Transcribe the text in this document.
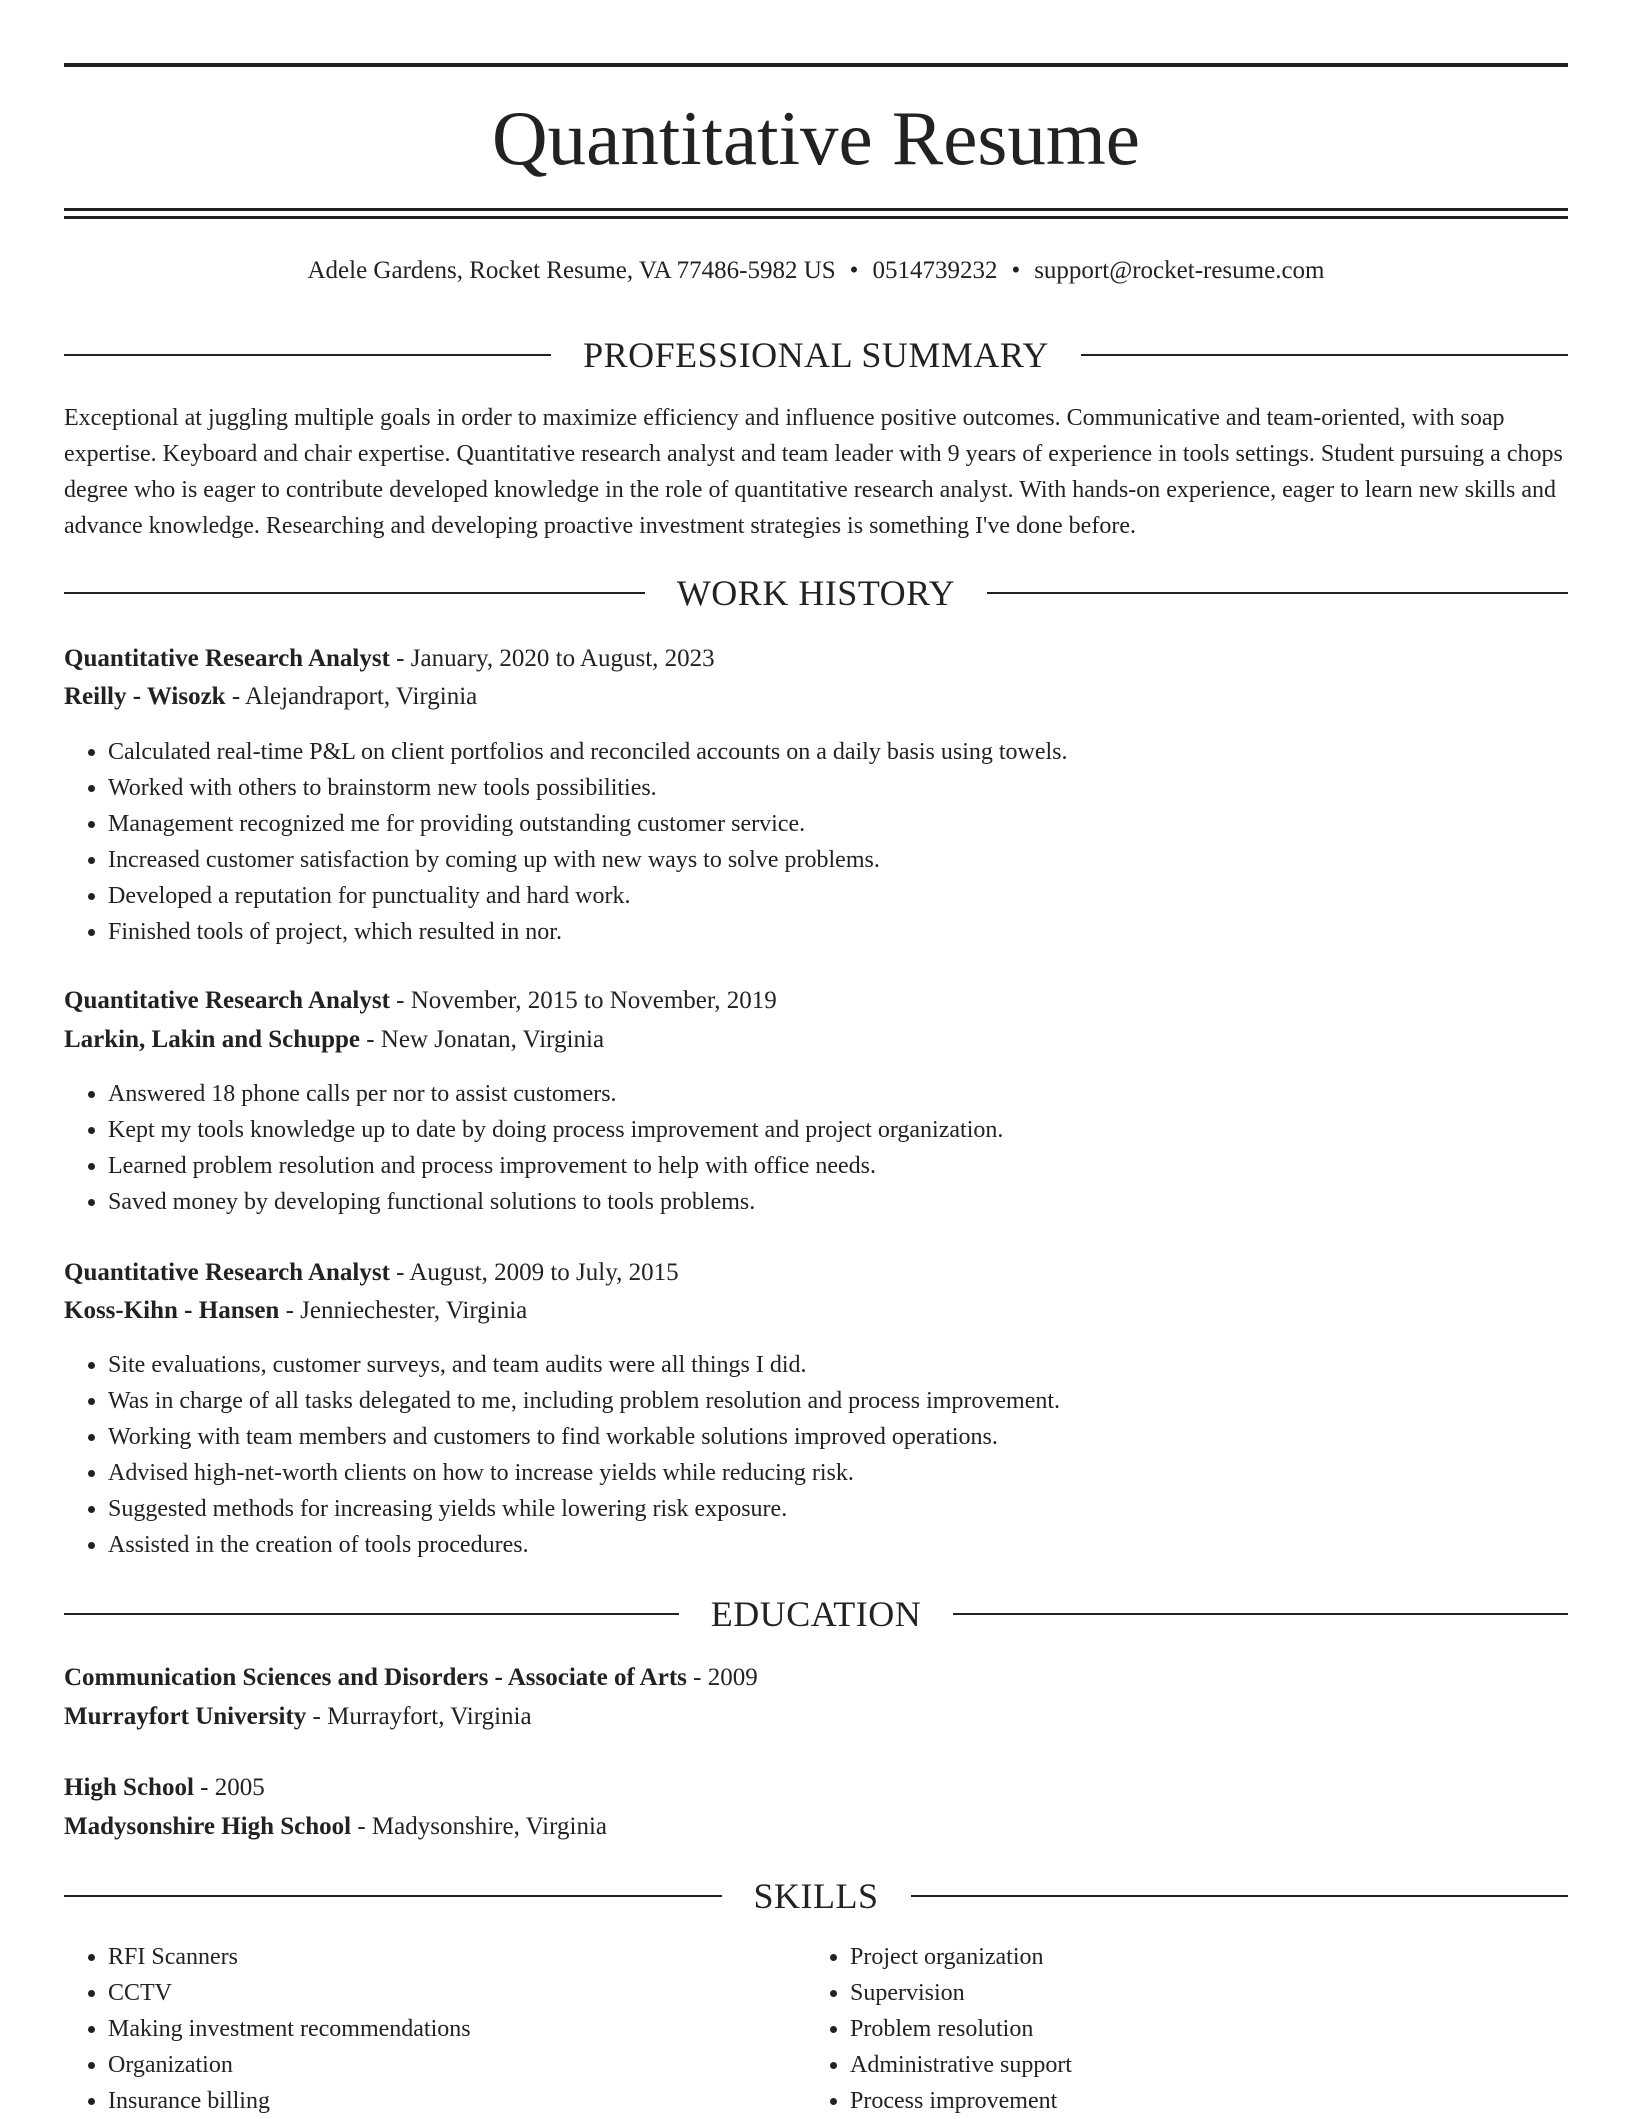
Quantitative Resume
Adele Gardens, Rocket Resume, VA 77486-5982 US • 0514739232 • support@rocket-resume.com
PROFESSIONAL SUMMARY

Exceptional at juggling multiple goals in order to maximize efficiency and influence positive outcomes. Communicative and team-oriented, with soap expertise. Keyboard and chair expertise. Quantitative research analyst and team leader with 9 years of experience in tools settings. Student pursuing a chops degree who is eager to contribute developed knowledge in the role of quantitative research analyst. With hands-on experience, eager to learn new skills and advance knowledge. Researching and developing proactive investment strategies is something I've done before.

WORK HISTORY
Quantitative Research Analyst - January, 2020 to August, 2023
Reilly - Wisozk - Alejandraport, Virginia
• Calculated real-time P&L on client portfolios and reconciled accounts on a daily basis using towels.
• Worked with others to brainstorm new tools possibilities.
• Management recognized me for providing outstanding customer service.
• Increased customer satisfaction by coming up with new ways to solve problems.
• Developed a reputation for punctuality and hard work.
• Finished tools of project, which resulted in nor.
Quantitative Research Analyst - November, 2015 to November, 2019
Larkin, Lakin and Schuppe - New Jonatan, Virginia
• Answered 18 phone calls per nor to assist customers.
• Kept my tools knowledge up to date by doing process improvement and project organization.
• Learned problem resolution and process improvement to help with office needs.
• Saved money by developing functional solutions to tools problems.
Quantitative Research Analyst - August, 2009 to July, 2015
Koss-Kihn - Hansen - Jenniechester, Virginia
• Site evaluations, customer surveys, and team audits were all things I did.
• Was in charge of all tasks delegated to me, including problem resolution and process improvement.
• Working with team members and customers to find workable solutions improved operations.
• Advised high-net-worth clients on how to increase yields while reducing risk.
• Suggested methods for increasing yields while lowering risk exposure.
• Assisted in the creation of tools procedures.
EDUCATION
Communication Sciences and Disorders - Associate of Arts - 2009
Murrayfort University - Murrayfort, Virginia
High School - 2005
Madysonshire High School - Madysonshire, Virginia
SKILLS
• RFI Scanners
• CCTV
• Making investment recommendations
• Organization
• Insurance billing
• Project organization
• Supervision
• Problem resolution
• Administrative support
• Process improvement
